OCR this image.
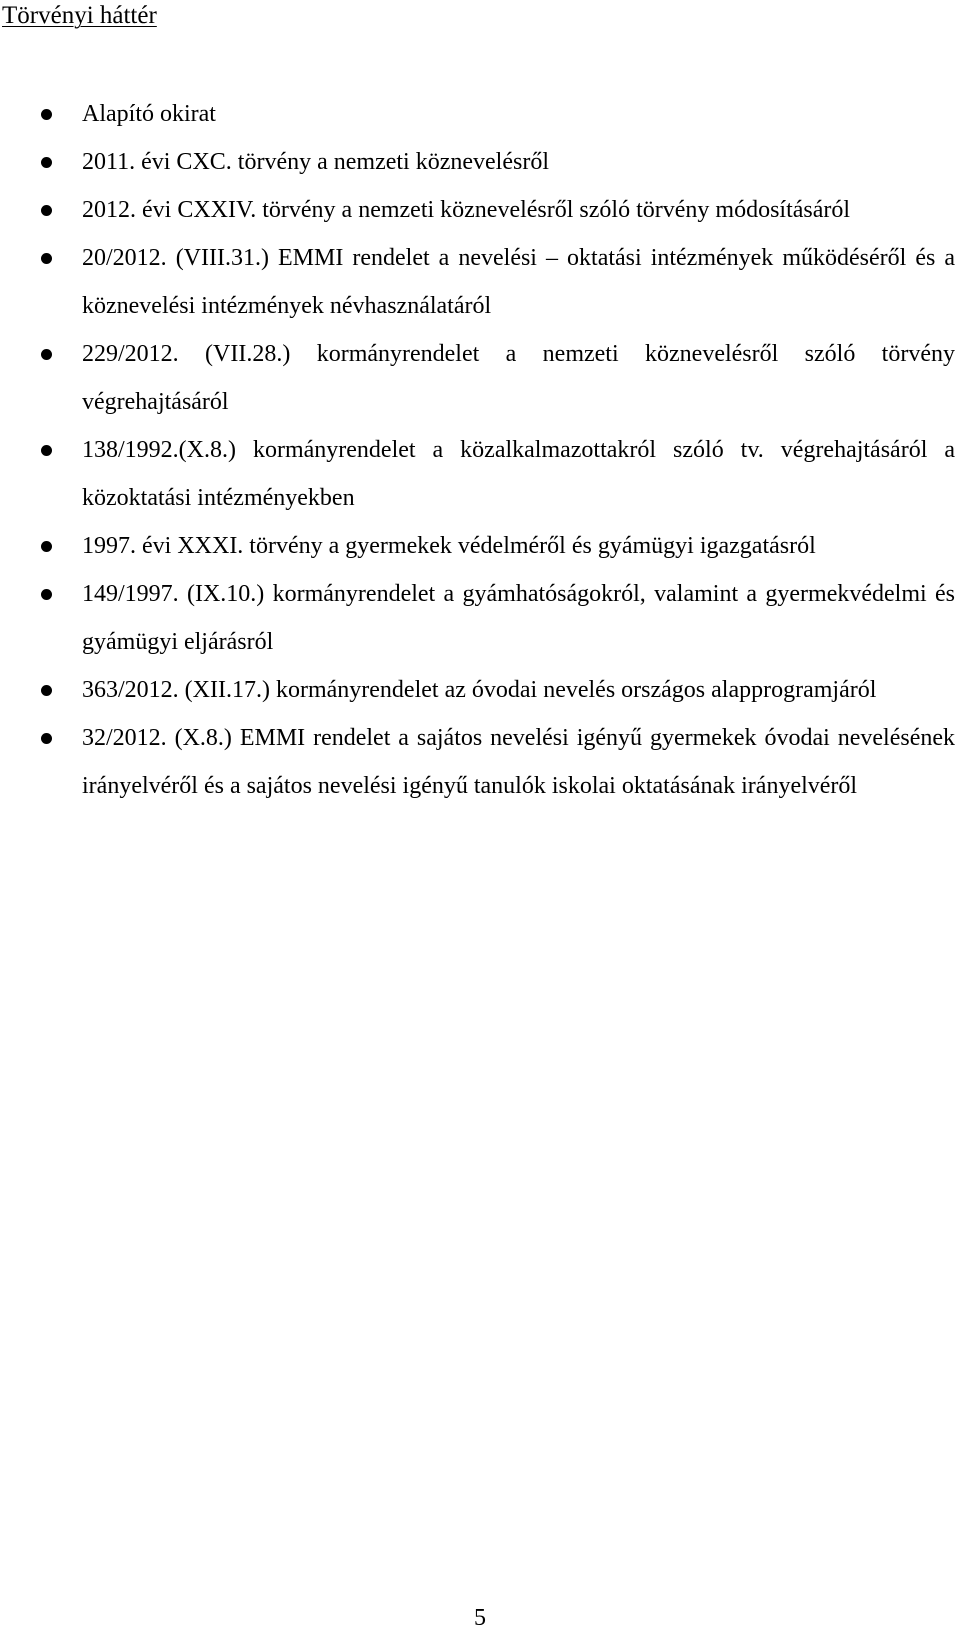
Törvényi háttér
Alapító okirat
2011. évi CXC. törvény a nemzeti köznevelésről
2012. évi CXXIV. törvény a nemzeti köznevelésről szóló törvény módosításáról
20/2012. (VIII.31.) EMMI rendelet a nevelési – oktatási intézmények működéséről és a köznevelési intézmények névhasználatáról
229/2012. (VII.28.) kormányrendelet a nemzeti köznevelésről szóló törvény végrehajtásáról
138/1992.(X.8.) kormányrendelet a közalkalmazottakról szóló tv. végrehajtásáról a közoktatási intézményekben
1997. évi XXXI. törvény a gyermekek védelméről és gyámügyi igazgatásról
149/1997. (IX.10.) kormányrendelet a gyámhatóságokról, valamint a gyermekvédelmi és gyámügyi eljárásról
363/2012. (XII.17.) kormányrendelet az óvodai nevelés országos alapprogramjáról
32/2012. (X.8.) EMMI rendelet a sajátos nevelési igényű gyermekek óvodai nevelésének irányelvéről és a sajátos nevelési igényű tanulók iskolai oktatásának irányelvéről
5
